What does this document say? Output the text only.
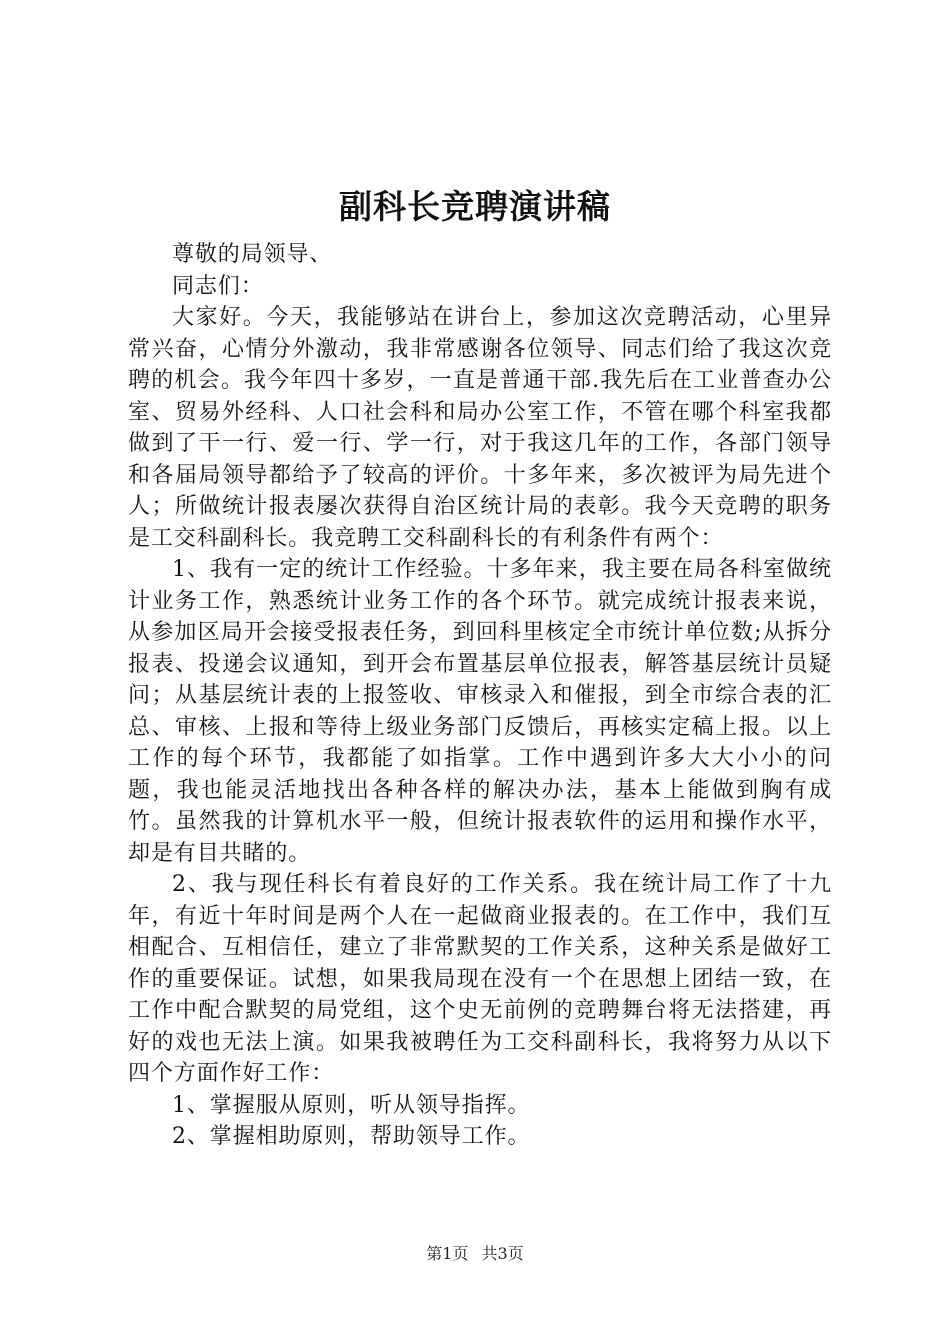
副科长竞聘演讲稿

尊敬的局领导、

同志们：

大家好。今天，我能够站在讲台上，参加这次竞聘活动，心里异常兴奋，心情分外激动，我非常感谢各位领导、同志们给了我这次竞聘的机会。我今年四十多岁，一直是普通干部.我先后在工业普查办公室、贸易外经科、人口社会科和局办公室工作，不管在哪个科室我都做到了干一行、爱一行、学一行，对于我这几年的工作，各部门领导和各届局领导都给予了较高的评价。十多年来，多次被评为局先进个人；所做统计报表屡次获得自治区统计局的表彰。我今天竞聘的职务是工交科副科长。我竞聘工交科副科长的有利条件有两个：

1、我有一定的统计工作经验。十多年来，我主要在局各科室做统计业务工作，熟悉统计业务工作的各个环节。就完成统计报表来说，从参加区局开会接受报表任务，到回科里核定全市统计单位数;从拆分报表、投递会议通知，到开会布置基层单位报表，解答基层统计员疑问；从基层统计表的上报签收、审核录入和催报，到全市综合表的汇总、审核、上报和等待上级业务部门反馈后，再核实定稿上报。以上工作的每个环节，我都能了如指掌。工作中遇到许多大大小小的问题，我也能灵活地找出各种各样的解决办法，基本上能做到胸有成竹。虽然我的计算机水平一般，但统计报表软件的运用和操作水平，却是有目共睹的。

2、我与现任科长有着良好的工作关系。我在统计局工作了十九年，有近十年时间是两个人在一起做商业报表的。在工作中，我们互相配合、互相信任，建立了非常默契的工作关系，这种关系是做好工作的重要保证。试想，如果我局现在没有一个在思想上团结一致，在工作中配合默契的局党组，这个史无前例的竞聘舞台将无法搭建，再好的戏也无法上演。如果我被聘任为工交科副科长，我将努力从以下四个方面作好工作：

1、掌握服从原则，听从领导指挥。

2、掌握相助原则，帮助领导工作。

第1页 共3页
